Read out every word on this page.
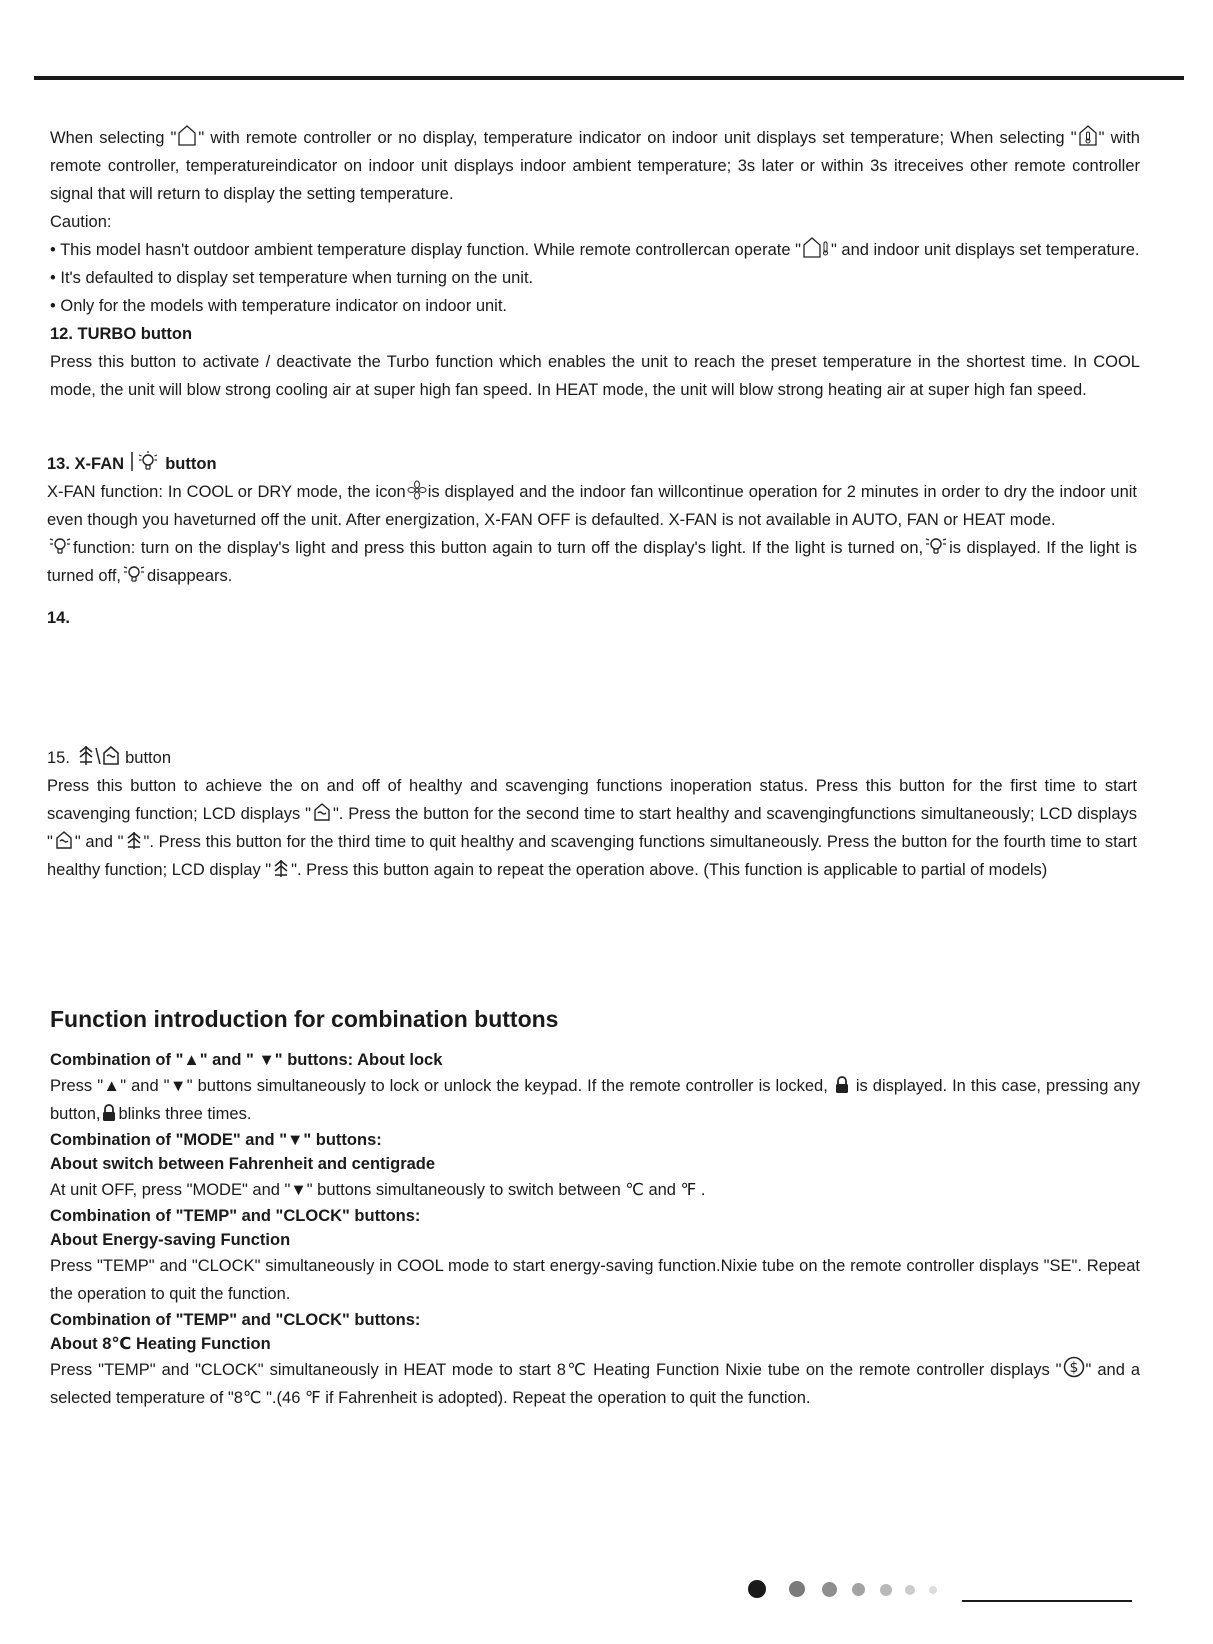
When selecting " " with remote controller or no display, temperature indicator on indoor unit displays set temperature; When selecting " " with remote controller, temperatureindicator on indoor unit displays indoor ambient temperature; 3s later or within 3s itreceives other remote controller signal that will return to display the setting temperature.

Caution:

• This model hasn't outdoor ambient temperature display function. While remote controllercan operate " " and indoor unit displays set temperature.

• It's defaulted to display set temperature when turning on the unit.

• Only for the models with temperature indicator on indoor unit.

12. TURBO button

Press this button to activate / deactivate the Turbo function which enables the unit to reach the preset temperature in the shortest time. In COOL mode, the unit will blow strong cooling air at super high fan speed. In HEAT mode, the unit will blow strong heating air at super high fan speed.

13. X-FAN button

X-FAN function: In COOL or DRY mode, the icon is displayed and the indoor fan willcontinue operation for 2 minutes in order to dry the indoor unit even though you haveturned off the unit. After energization, X-FAN OFF is defaulted. X-FAN is not available in AUTO, FAN or HEAT mode.

function: turn on the display's light and press this button again to turn off the display's light. If the light is turned on, is displayed. If the light is turned off, disappears.

14.

15.	button

Press this button to achieve the on and off of healthy and scavenging functions inoperation status. Press this button for the first time to start scavenging function; LCD displays " ". Press the button for the second time to start healthy and scavengingfunctions simultaneously; LCD displays " " and " ". Press this button for the third time to quit healthy and scavenging functions simultaneously. Press the button for the fourth time to start healthy function; LCD display " ". Press this button again to repeat the operation above. (This function is applicable to partial of models)

Function introduction for combination buttons

Combination of "▲" and " ▼" buttons: About lock

Press "▲" and "▼" buttons simultaneously to lock or unlock the keypad. If the remote controller is locked, is displayed. In this case, pressing any button, blinks three times.

Combination of "MODE" and "▼" buttons:

About switch between Fahrenheit and centigrade

At unit OFF, press "MODE" and "▼" buttons simultaneously to switch between ℃ and ℉ .

Combination of "TEMP" and "CLOCK" buttons:

About Energy-saving Function

Press "TEMP" and "CLOCK" simultaneously in COOL mode to start energy-saving function.Nixie tube on the remote controller displays "SE". Repeat the operation to quit the function.

Combination of "TEMP" and "CLOCK" buttons:

About 8℃ Heating Function

Press "TEMP" and "CLOCK" simultaneously in HEAT mode to start 8℃ Heating Function Nixie tube on the remote controller displays " $ " and a selected temperature of "8℃ ".(46 ℉ if Fahrenheit is adopted). Repeat the operation to quit the function.
